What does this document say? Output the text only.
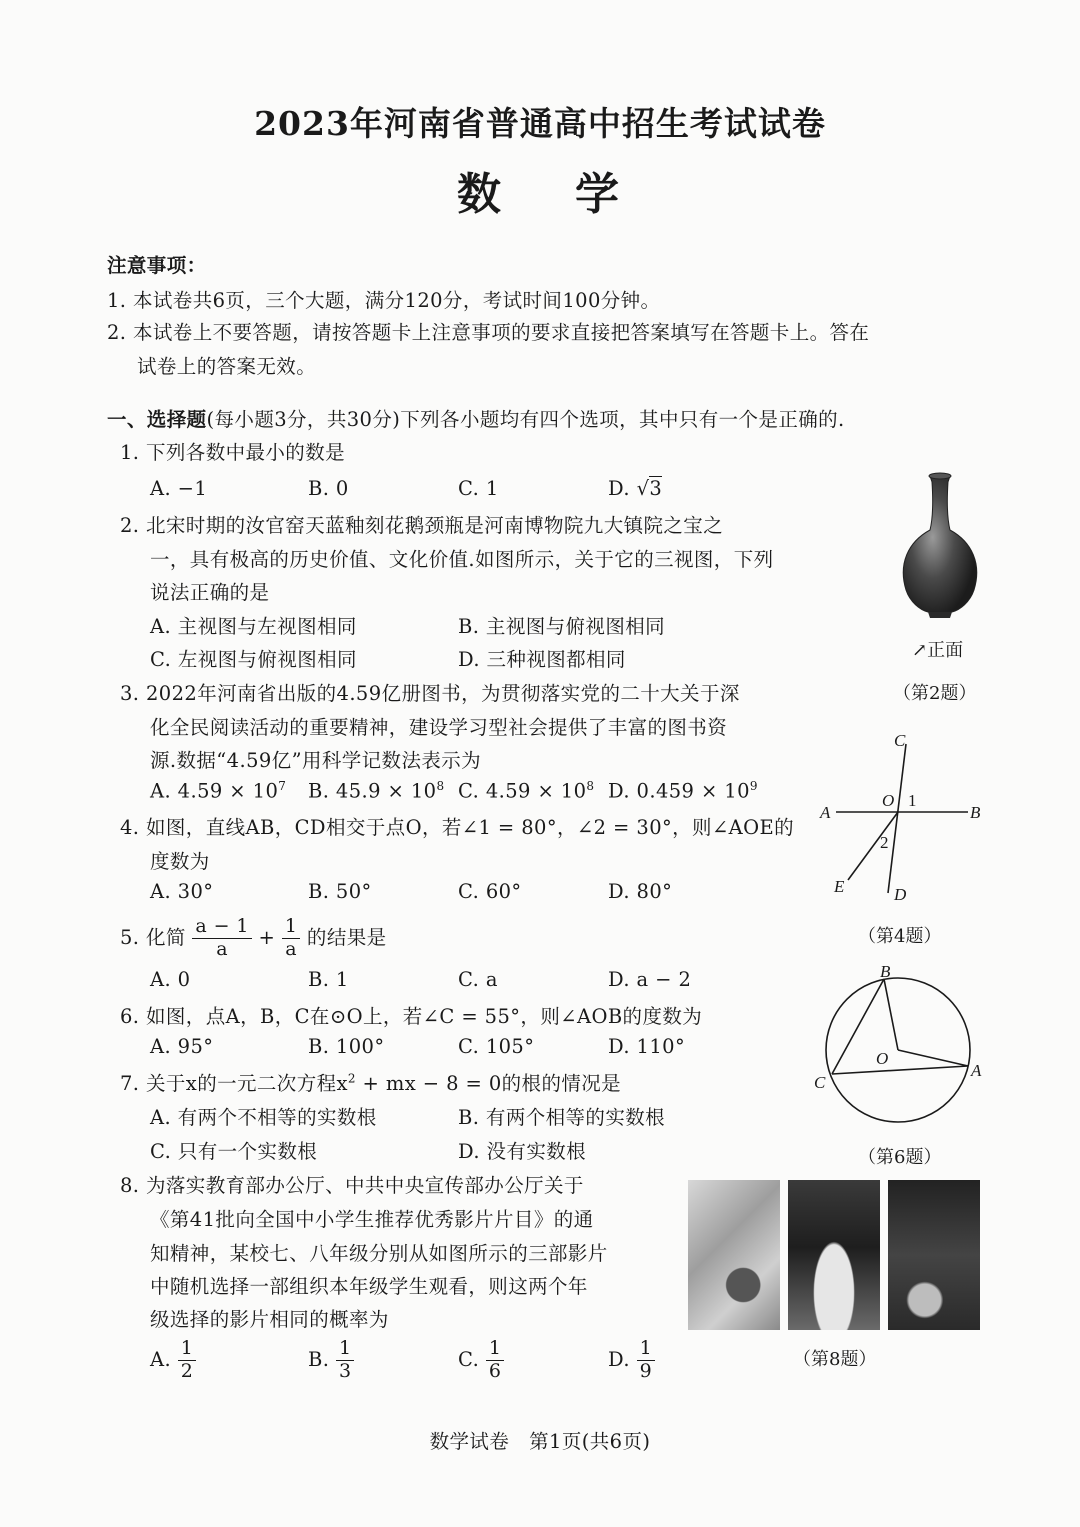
2023年河南省普通高中招生考试试卷
数学
注意事项：
1. 本试卷共6页，三个大题，满分120分，考试时间100分钟。
2. 本试卷上不要答题，请按答题卡上注意事项的要求直接把答案填写在答题卡上。答在
试卷上的答案无效。
一、选择题(每小题3分，共30分)下列各小题均有四个选项，其中只有一个是正确的.
1. 下列各数中最小的数是
A. −1	B. 0	C. 1	D. √3
2. 北宋时期的汝官窑天蓝釉刻花鹅颈瓶是河南博物院九大镇院之宝之
一，具有极高的历史价值、文化价值.如图所示，关于它的三视图，下列
说法正确的是
A. 主视图与左视图相同	B. 主视图与俯视图相同
C. 左视图与俯视图相同	D. 三种视图都相同
3. 2022年河南省出版的4.59亿册图书，为贯彻落实党的二十大关于深
化全民阅读活动的重要精神，建设学习型社会提供了丰富的图书资
源.数据“4.59亿”用科学记数法表示为
A. $4.59 \times 10^7$ B. $45.9 \times 10^8$ C. $4.59 \times 10^8$ D. $0.459 \times 10^9$
4. 如图，直线AB，CD相交于点O，若∠1 = 80°，∠2 = 30°，则∠AOE的
度数为
A. 30°	B. 50°	C. 60°	D. 80°
5. 化简 $\frac{a - 1}{a} + \frac{1}{a}$ 的结果是
A. 0	B. 1	C. a	D. a − 2
6. 如图，点A，B，C在⊙O上，若∠C = 55°，则∠AOB的度数为
A. 95°	B. 100°	C. 105°	D. 110°
7. 关于x的一元二次方程$x^2$ + mx − 8 = 0的根的情况是
A. 有两个不相等的实数根	B. 有两个相等的实数根
C. 只有一个实数根	D. 没有实数根
8. 为落实教育部办公厅、中共中央宣传部办公厅关于
《第41批向全国中小学生推荐优秀影片片目》的通
知精神，某校七、八年级分别从如图所示的三部影片
中随机选择一部组织本年级学生观看，则这两个年
级选择的影片相同的概率为
A. $\frac{1}{2}$	B. $\frac{1}{3}$	C. $\frac{1}{6}$	D. $\frac{1}{9}$
↗正面
（第2题）
A	B
C
D
E
O 1
2
（第4题）
B
C
A
O
（第6题）
（第8题）
数学试卷　第1页(共6页)
